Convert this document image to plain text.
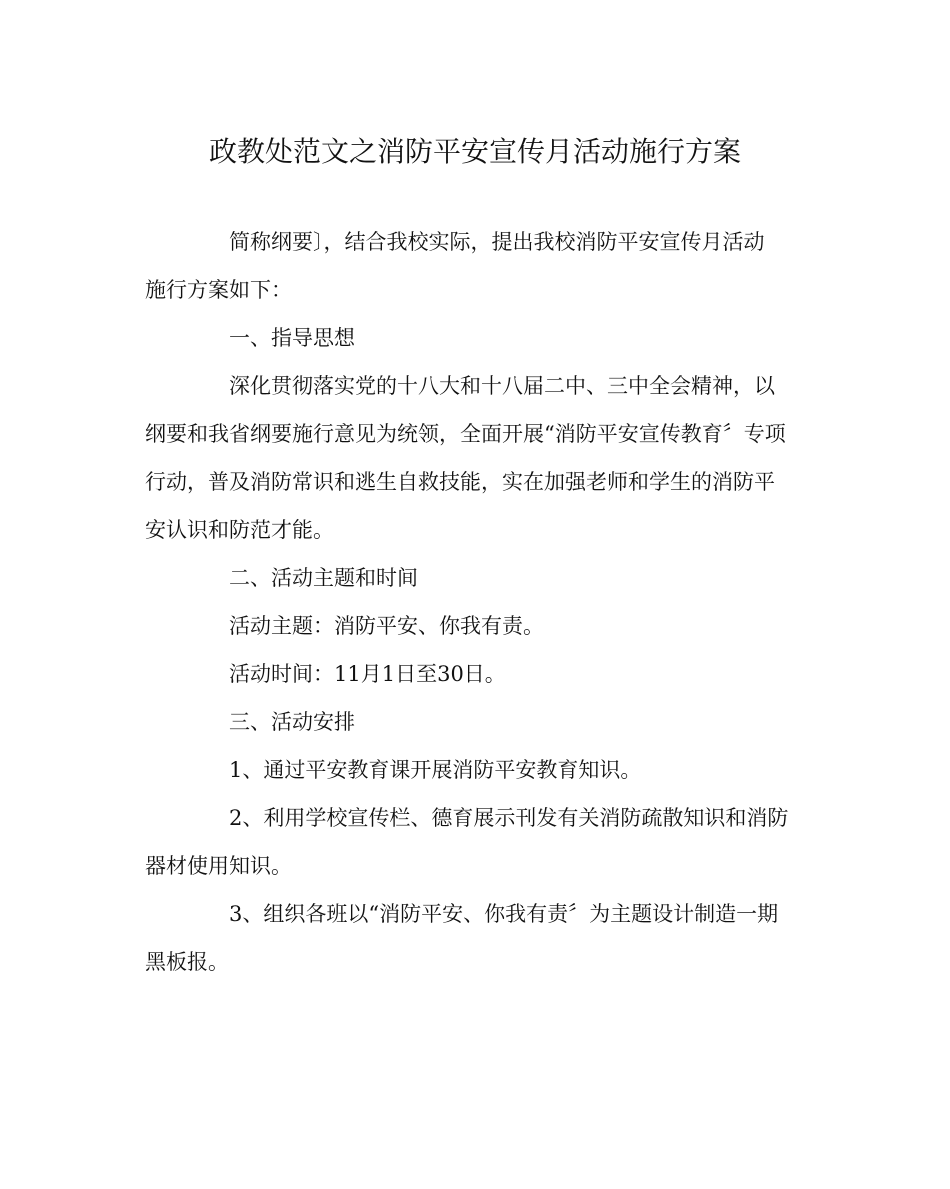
政教处范文之消防平安宣传月活动施行方案
简称纲要〕，结合我校实际，提出我校消防平安宣传月活动
施行方案如下：
一、指导思想
深化贯彻落实党的十八大和十八届二中、三中全会精神，以
纲要和我省纲要施行意见为统领，全面开展“消防平安宣传教育〞专项
行动，普及消防常识和逃生自救技能，实在加强老师和学生的消防平
安认识和防范才能。
二、活动主题和时间
活动主题：消防平安、你我有责。
活动时间：11月1日至30日。
三、活动安排
1、通过平安教育课开展消防平安教育知识。
2、利用学校宣传栏、德育展示刊发有关消防疏散知识和消防
器材使用知识。
3、组织各班以“消防平安、你我有责〞为主题设计制造一期
黑板报。
